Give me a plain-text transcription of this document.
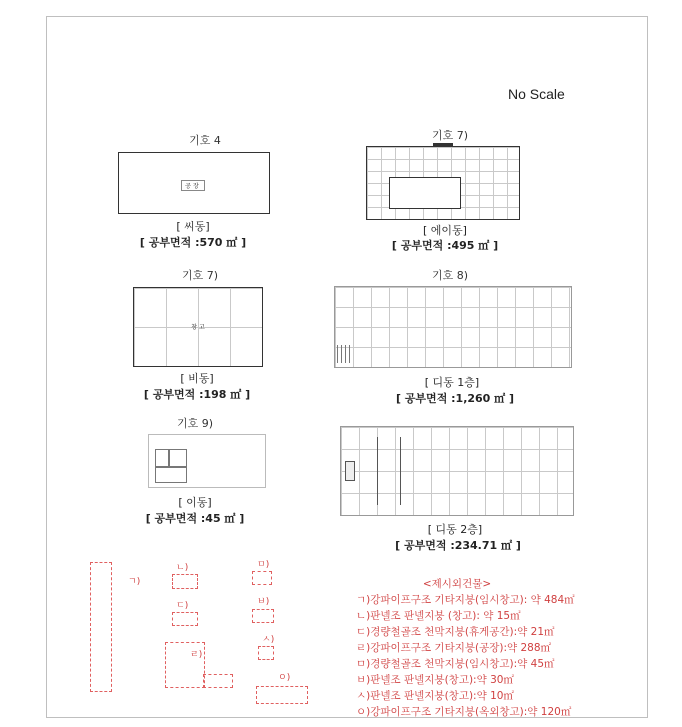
No Scale
기호 4
공 장
[ 씨동]
[ 공부면적 :570 ㎡ ]
기호 7)
[ 에이동]
[ 공부면적 :495 ㎡ ]
기호 7)
창 고
[ 비동]
[ 공부면적 :198 ㎡ ]
기호 8)
[ 디동 1층]
[ 공부면적 :1,260 ㎡ ]
기호 9)
[ 이동]
[ 공부면적 :45 ㎡ ]
[ 디동 2층]
[ 공부면적 :234.71 ㎡ ]
ㄱ)
ㄴ)
ㄷ)
ㄹ)
ㅁ)
ㅂ)
ㅅ)
ㅇ)
<제시외건물>
ㄱ)강파이프구조 기타지붕(임시창고): 약 484㎡
ㄴ)판넬조 판넬지붕 (창고): 약 15㎡
ㄷ)경량철골조 천막지붕(휴게공간):약 21㎡
ㄹ)강파이프구조 기타지붕(공장):약 288㎡
ㅁ)경량철골조 천막지붕(임시창고):약 45㎡
ㅂ)판넬조 판넬지붕(창고):약 30㎡
ㅅ)판넬조 판넬지붕(창고):약 10㎡
ㅇ)강파이프구조 기타지붕(옥외창고):약 120㎡
